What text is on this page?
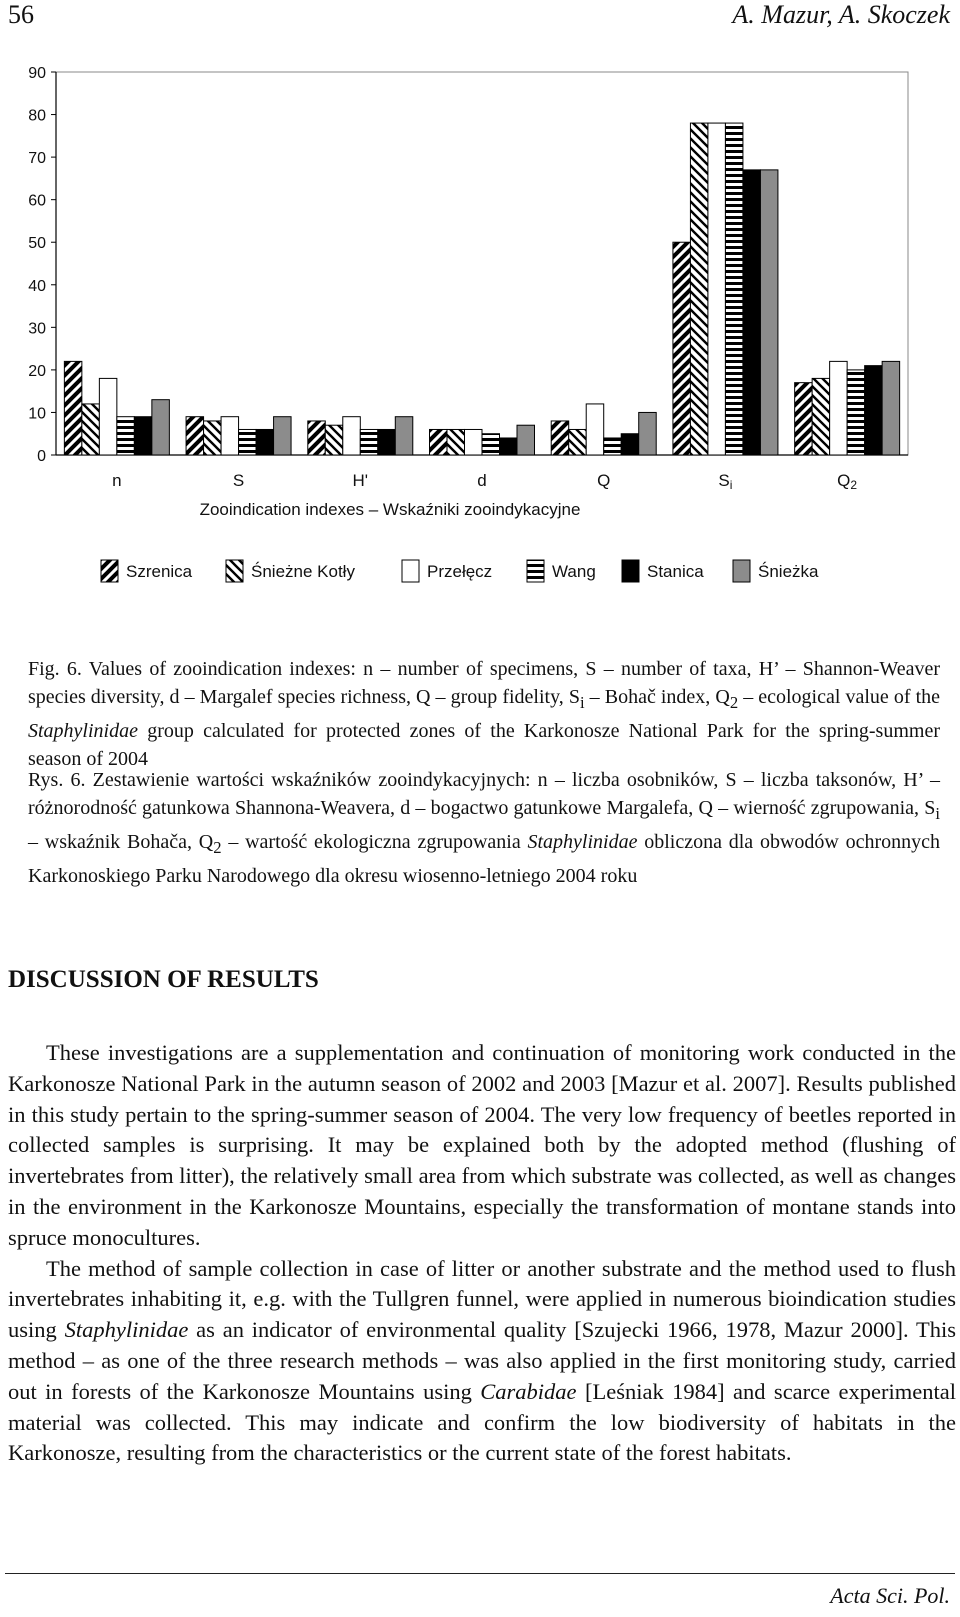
56	A. Mazur, A. Skoczek
0
10
20
30
40
50
60
70
80
90
n	S	H'	d	Q	Si	Q2
Zooindication indexes – Wskaźniki zooindykacyjne
Szrenica	Śnieżne Kotły	Przełęcz	Wang	Stanica	Śnieżka

Fig. 6. Values of zooindication indexes: n – number of specimens, S – number of taxa, H’ – Shannon-Weaver species diversity, d – Margalef species richness, Q – group fidelity, $S_i$ – Bohač index, $Q_2$ – ecological value of the Staphylinidae group calculated for protected zones of the Karkonosze National Park for the spring-summer season of 2004

Rys. 6. Zestawienie wartości wskaźników zooindykacyjnych: n – liczba osobników, S – liczba taksonów, H’ – różnorodność gatunkowa Shannona-Weavera, d – bogactwo gatunkowe Margalefa, Q – wierność zgrupowania, $S_i$ – wskaźnik Bohača, $Q_2$ – wartość ekologiczna zgrupowania Staphylinidae obliczona dla obwodów ochronnych Karkonoskiego Parku Narodowego dla okresu wiosenno-letniego 2004 roku

DISCUSSION OF RESULTS

These investigations are a supplementation and continuation of monitoring work conducted in the Karkonosze National Park in the autumn season of 2002 and 2003 [Mazur et al. 2007]. Results published in this study pertain to the spring-summer season of 2004. The very low frequency of beetles reported in collected samples is surprising. It may be explained both by the adopted method (flushing of invertebrates from litter), the relatively small area from which substrate was collected, as well as changes in the environment in the Karkonosze Mountains, especially the transformation of montane stands into spruce monocultures.

The method of sample collection in case of litter or another substrate and the method used to flush invertebrates inhabiting it, e.g. with the Tullgren funnel, were applied in numerous bioindication studies using Staphylinidae as an indicator of environmental quality [Szujecki 1966, 1978, Mazur 2000]. This method – as one of the three research methods – was also applied in the first monitoring study, carried out in forests of the Karkonosze Mountains using Carabidae [Leśniak 1984] and scarce experimental material was collected. This may indicate and confirm the low biodiversity of habitats in the Karkonosze, resulting from the characteristics or the current state of the forest habitats.

Acta Sci. Pol.
